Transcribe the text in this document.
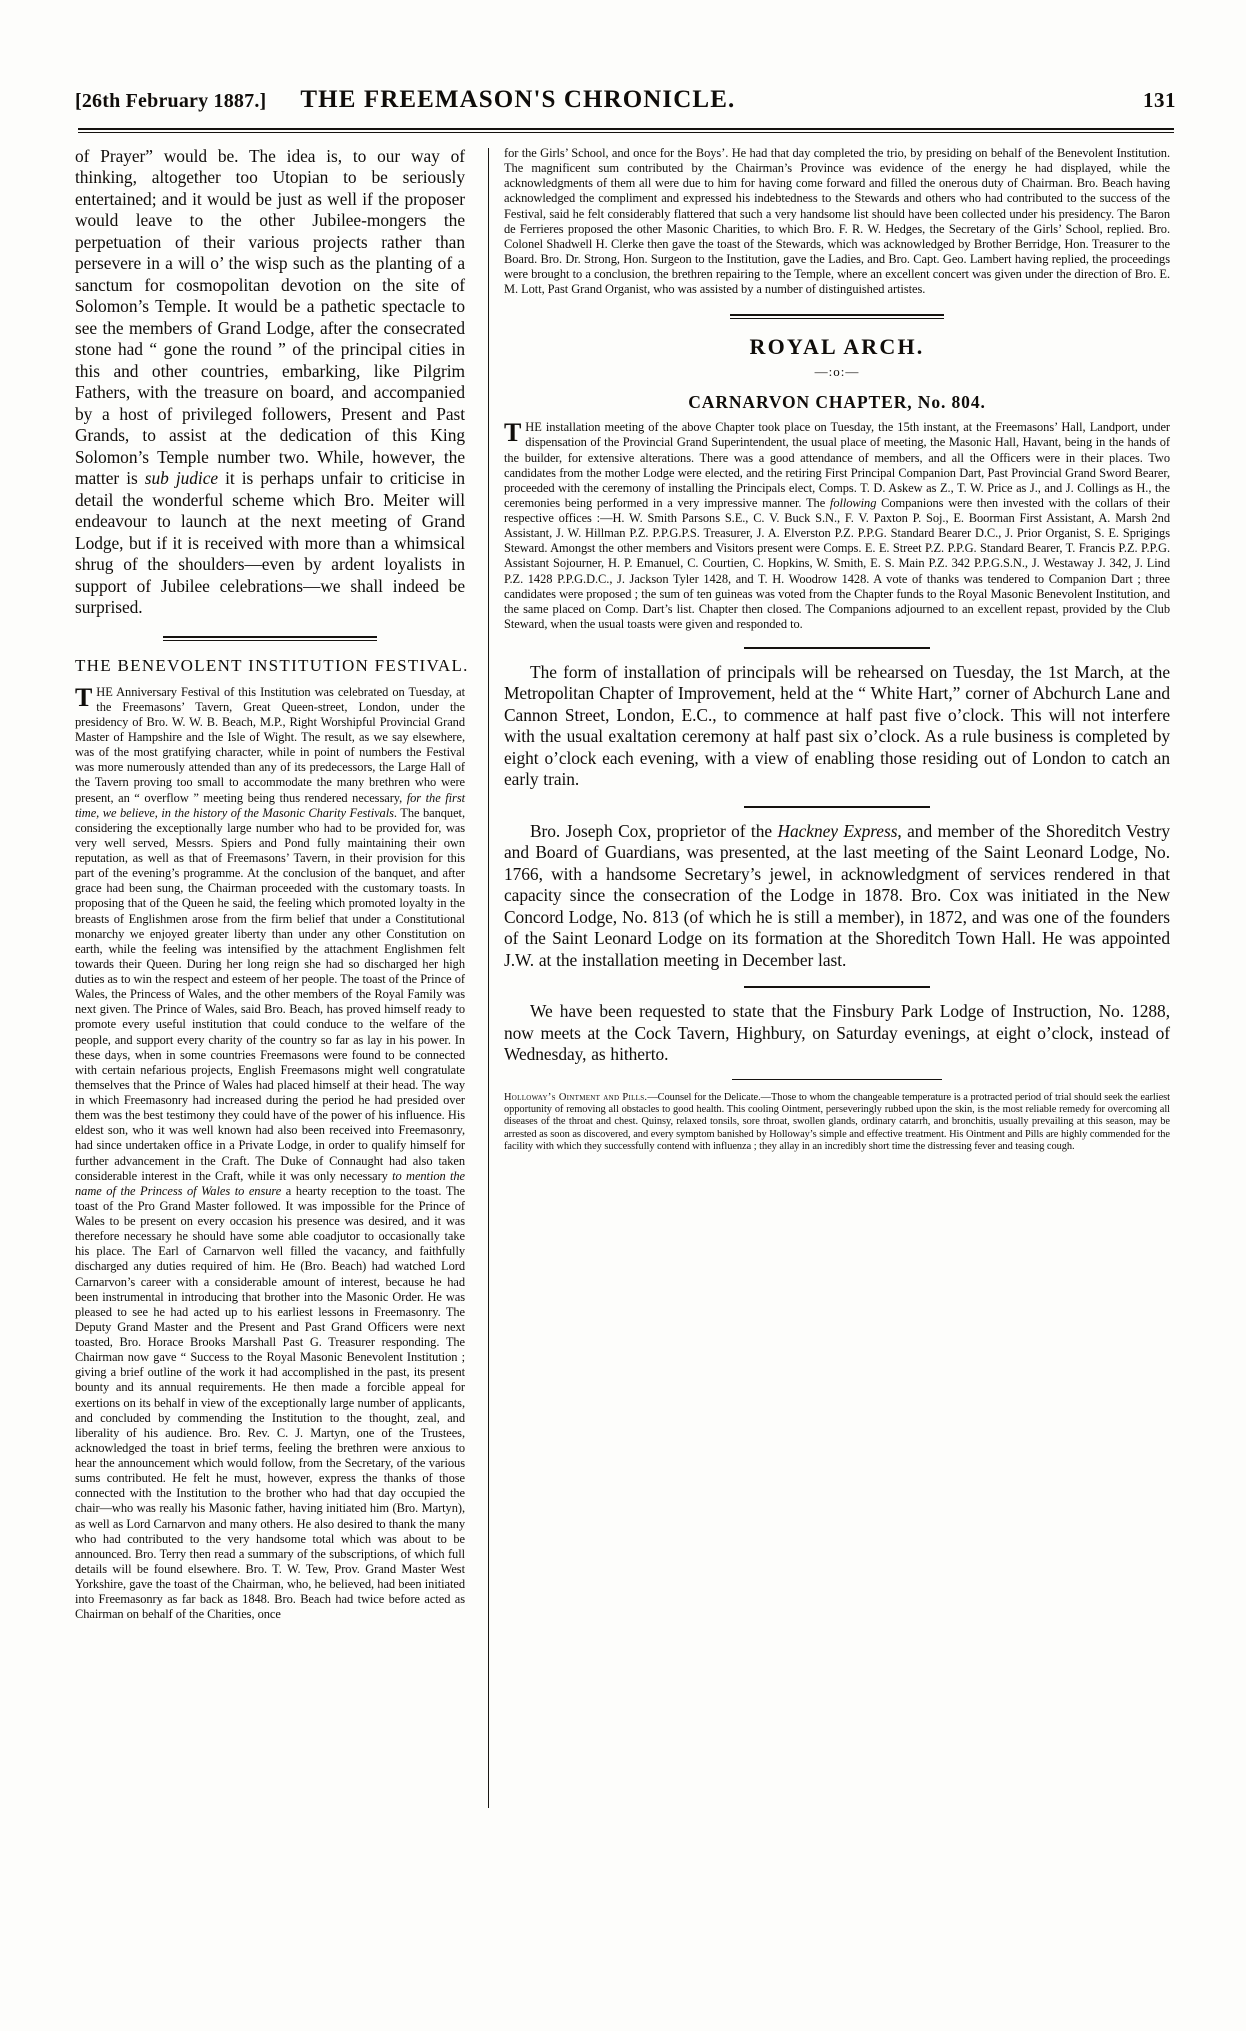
[26th February 1887.] THE FREEMASON'S CHRONICLE.	131

of Prayer” would be. The idea is, to our way of thinking, altogether too Utopian to be seriously entertained; and it would be just as well if the proposer would leave to the other Jubilee-mongers the perpetuation of their various projects rather than persevere in a will o’ the wisp such as the planting of a sanctum for cosmopolitan devotion on the site of Solomon’s Temple. It would be a pathetic spectacle to see the members of Grand Lodge, after the consecrated stone had “ gone the round ” of the principal cities in this and other countries, embarking, like Pilgrim Fathers, with the treasure on board, and accompanied by a host of privileged followers, Present and Past Grands, to assist at the dedication of this King Solomon’s Temple number two. While, however, the matter is sub judice it is perhaps unfair to criticise in detail the wonderful scheme which Bro. Meiter will endeavour to launch at the next meeting of Grand Lodge, but if it is received with more than a whimsical shrug of the shoulders—even by ardent loyalists in support of Jubilee celebrations—we shall indeed be surprised.

THE BENEVOLENT INSTITUTION FESTIVAL.

THE Anniversary Festival of this Institution was celebrated on Tuesday, at the Freemasons’ Tavern, Great Queen-street, London, under the presidency of Bro. W. W. B. Beach, M.P., Right Worshipful Provincial Grand Master of Hampshire and the Isle of Wight. The result, as we say elsewhere, was of the most gratifying character, while in point of numbers the Festival was more numerously attended than any of its predecessors, the Large Hall of the Tavern proving too small to accommodate the many brethren who were present, an “ overflow ” meeting being thus rendered necessary, for the first time, we believe, in the history of the Masonic Charity Festivals. The banquet, considering the exceptionally large number who had to be provided for, was very well served, Messrs. Spiers and Pond fully maintaining their own reputation, as well as that of Freemasons’ Tavern, in their provision for this part of the evening’s programme. At the conclusion of the banquet, and after grace had been sung, the Chairman proceeded with the customary toasts. In proposing that of the Queen he said, the feeling which promoted loyalty in the breasts of Englishmen arose from the firm belief that under a Constitutional monarchy we enjoyed greater liberty than under any other Constitution on earth, while the feeling was intensified by the attachment Englishmen felt towards their Queen. During her long reign she had so discharged her high duties as to win the respect and esteem of her people. The toast of the Prince of Wales, the Princess of Wales, and the other members of the Royal Family was next given. The Prince of Wales, said Bro. Beach, has proved himself ready to promote every useful institution that could conduce to the welfare of the people, and support every charity of the country so far as lay in his power. In these days, when in some countries Freemasons were found to be connected with certain nefarious projects, English Freemasons might well congratulate themselves that the Prince of Wales had placed himself at their head. The way in which Freemasonry had increased during the period he had presided over them was the best testimony they could have of the power of his influence. His eldest son, who it was well known had also been received into Freemasonry, had since undertaken office in a Private Lodge, in order to qualify himself for further advancement in the Craft. The Duke of Connaught had also taken considerable interest in the Craft, while it was only necessary to mention the name of the Princess of Wales to ensure a hearty reception to the toast. The toast of the Pro Grand Master followed. It was impossible for the Prince of Wales to be present on every occasion his presence was desired, and it was therefore necessary he should have some able coadjutor to occasionally take his place. The Earl of Carnarvon well filled the vacancy, and faithfully discharged any duties required of him. He (Bro. Beach) had watched Lord Carnarvon’s career with a considerable amount of interest, because he had been instrumental in introducing that brother into the Masonic Order. He was pleased to see he had acted up to his earliest lessons in Freemasonry. The Deputy Grand Master and the Present and Past Grand Officers were next toasted, Bro. Horace Brooks Marshall Past G. Treasurer responding. The Chairman now gave “ Success to the Royal Masonic Benevolent Institution ; giving a brief outline of the work it had accomplished in the past, its present bounty and its annual requirements. He then made a forcible appeal for exertions on its behalf in view of the exceptionally large number of applicants, and concluded by commending the Institution to the thought, zeal, and liberality of his audience. Bro. Rev. C. J. Martyn, one of the Trustees, acknowledged the toast in brief terms, feeling the brethren were anxious to hear the announcement which would follow, from the Secretary, of the various sums contributed. He felt he must, however, express the thanks of those connected with the Institution to the brother who had that day occupied the chair—who was really his Masonic father, having initiated him (Bro. Martyn), as well as Lord Carnarvon and many others. He also desired to thank the many who had contributed to the very handsome total which was about to be announced. Bro. Terry then read a summary of the subscriptions, of which full details will be found elsewhere. Bro. T. W. Tew, Prov. Grand Master West Yorkshire, gave the toast of the Chairman, who, he believed, had been initiated into Freemasonry as far back as 1848. Bro. Beach had twice before acted as Chairman on behalf of the Charities, once

for the Girls’ School, and once for the Boys’. He had that day completed the trio, by presiding on behalf of the Benevolent Institution. The magnificent sum contributed by the Chairman’s Province was evidence of the energy he had displayed, while the acknowledgments of them all were due to him for having come forward and filled the onerous duty of Chairman. Bro. Beach having acknowledged the compliment and expressed his indebtedness to the Stewards and others who had contributed to the success of the Festival, said he felt considerably flattered that such a very handsome list should have been collected under his presidency. The Baron de Ferrieres proposed the other Masonic Charities, to which Bro. F. R. W. Hedges, the Secretary of the Girls’ School, replied. Bro. Colonel Shadwell H. Clerke then gave the toast of the Stewards, which was acknowledged by Brother Berridge, Hon. Treasurer to the Board. Bro. Dr. Strong, Hon. Surgeon to the Institution, gave the Ladies, and Bro. Capt. Geo. Lambert having replied, the proceedings were brought to a conclusion, the brethren repairing to the Temple, where an excellent concert was given under the direction of Bro. E. M. Lott, Past Grand Organist, who was assisted by a number of distinguished artistes.

ROYAL ARCH.
—:o:—
CARNARVON CHAPTER, No. 804.

THE installation meeting of the above Chapter took place on Tuesday, the 15th instant, at the Freemasons’ Hall, Landport, under dispensation of the Provincial Grand Superintendent, the usual place of meeting, the Masonic Hall, Havant, being in the hands of the builder, for extensive alterations. There was a good attendance of members, and all the Officers were in their places. Two candidates from the mother Lodge were elected, and the retiring First Principal Companion Dart, Past Provincial Grand Sword Bearer, proceeded with the ceremony of installing the Principals elect, Comps. T. D. Askew as Z., T. W. Price as J., and J. Collings as H., the ceremonies being performed in a very impressive manner. The following Companions were then invested with the collars of their respective offices :—H. W. Smith Parsons S.E., C. V. Buck S.N., F. V. Paxton P. Soj., E. Boorman First Assistant, A. Marsh 2nd Assistant, J. W. Hillman P.Z. P.P.G.P.S. Treasurer, J. A. Elverston P.Z. P.P.G. Standard Bearer D.C., J. Prior Organist, S. E. Sprigings Steward. Amongst the other members and Visitors present were Comps. E. E. Street P.Z. P.P.G. Standard Bearer, T. Francis P.Z. P.P.G. Assistant Sojourner, H. P. Emanuel, C. Courtien, C. Hopkins, W. Smith, E. S. Main P.Z. 342 P.P.G.S.N., J. Westaway J. 342, J. Lind P.Z. 1428 P.P.G.D.C., J. Jackson Tyler 1428, and T. H. Woodrow 1428. A vote of thanks was tendered to Companion Dart ; three candidates were proposed ; the sum of ten guineas was voted from the Chapter funds to the Royal Masonic Benevolent Institution, and the same placed on Comp. Dart’s list. Chapter then closed. The Companions adjourned to an excellent repast, provided by the Club Steward, when the usual toasts were given and responded to.

The form of installation of principals will be rehearsed on Tuesday, the 1st March, at the Metropolitan Chapter of Improvement, held at the “ White Hart,” corner of Abchurch Lane and Cannon Street, London, E.C., to commence at half past five o’clock. This will not interfere with the usual exaltation ceremony at half past six o’clock. As a rule business is completed by eight o’clock each evening, with a view of enabling those residing out of London to catch an early train.

Bro. Joseph Cox, proprietor of the Hackney Express, and member of the Shoreditch Vestry and Board of Guardians, was presented, at the last meeting of the Saint Leonard Lodge, No. 1766, with a handsome Secretary’s jewel, in acknowledgment of services rendered in that capacity since the consecration of the Lodge in 1878. Bro. Cox was initiated in the New Concord Lodge, No. 813 (of which he is still a member), in 1872, and was one of the founders of the Saint Leonard Lodge on its formation at the Shoreditch Town Hall. He was appointed J.W. at the installation meeting in December last.

We have been requested to state that the Finsbury Park Lodge of Instruction, No. 1288, now meets at the Cock Tavern, Highbury, on Saturday evenings, at eight o’clock, instead of Wednesday, as hitherto.

Holloway’s Ointment and Pills.—Counsel for the Delicate.—Those to whom the changeable temperature is a protracted period of trial should seek the earliest opportunity of removing all obstacles to good health. This cooling Ointment, perseveringly rubbed upon the skin, is the most reliable remedy for overcoming all diseases of the throat and chest. Quinsy, relaxed tonsils, sore throat, swollen glands, ordinary catarrh, and bronchitis, usually prevailing at this season, may be arrested as soon as discovered, and every symptom banished by Holloway’s simple and effective treatment. His Ointment and Pills are highly commended for the facility with which they successfully contend with influenza ; they allay in an incredibly short time the distressing fever and teasing cough.
